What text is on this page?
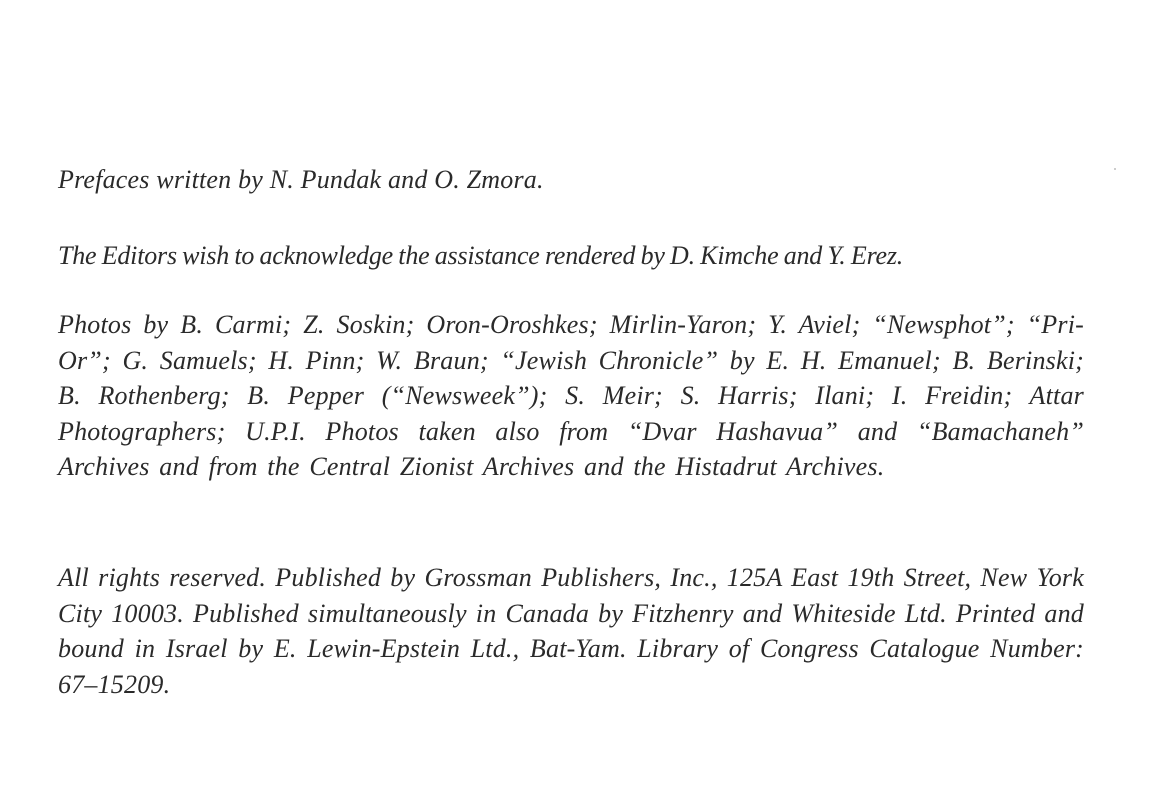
Prefaces written by N. Pundak and O. Zmora.

The Editors wish to acknowledge the assistance rendered by D. Kimche and Y. Erez.

Photos by B. Carmi; Z. Soskin; Oron-Oroshkes; Mirlin-Yaron; Y. Aviel; “Newsphot”; “Pri-Or”; G. Samuels; H. Pinn; W. Braun; “Jewish Chronicle” by E. H. Emanuel; B. Berinski; B. Rothenberg; B. Pepper (“Newsweek”); S. Meir; S. Harris; Ilani; I. Freidin; Attar Photographers; U.P.I. Photos taken also from “Dvar Hashavua” and “Bamachaneh” Archives and from the Central Zionist Archives and the Histadrut Archives.

All rights reserved. Published by Grossman Publishers, Inc., 125A East 19th Street, New York City 10003. Published simultaneously in Canada by Fitzhenry and Whiteside Ltd. Printed and bound in Israel by E. Lewin-Epstein Ltd., Bat-Yam. Library of Congress Catalogue Number: 67–15209.
